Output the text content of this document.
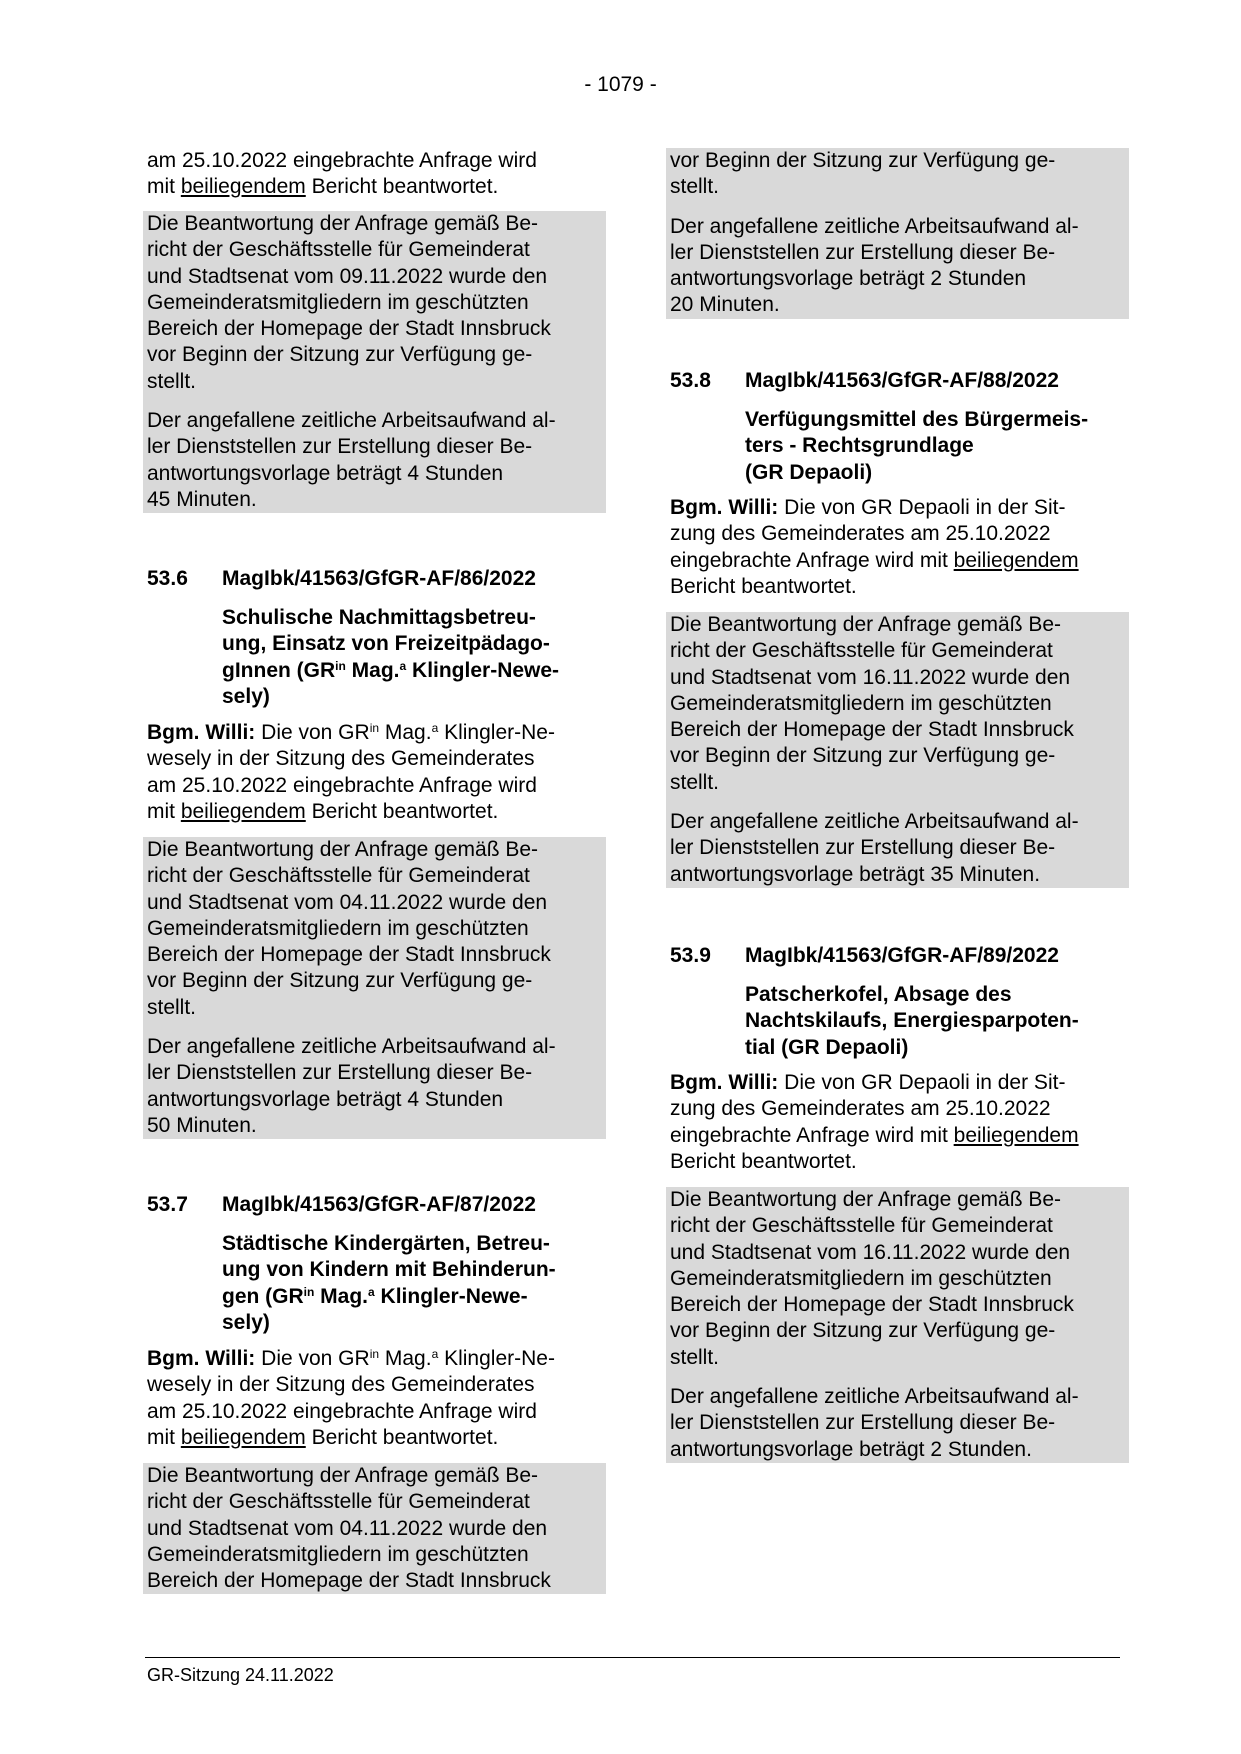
- 1079 -

am 25.10.2022 eingebrachte Anfrage wird

mit beiliegendem Bericht beantwortet.

Die Beantwortung der Anfrage gemäß Be-

richt der Geschäftsstelle für Gemeinderat

und Stadtsenat vom 09.11.2022 wurde den

Gemeinderatsmitgliedern im geschützten

Bereich der Homepage der Stadt Innsbruck

vor Beginn der Sitzung zur Verfügung ge-

stellt.

Der angefallene zeitliche Arbeitsaufwand al-

ler Dienststellen zur Erstellung dieser Be-

antwortungsvorlage beträgt 4 Stunden

45 Minuten.

53.6	MagIbk/41563/GfGR-AF/86/2022

Schulische Nachmittagsbetreu-

ung, Einsatz von Freizeitpädago-

gInnen ($GR^{in}$ Mag.$^a$ Klingler-Newe-

sely)

Bgm. Willi: Die von $GR^{in}$ Mag.$^a$ Klingler-Ne-

wesely in der Sitzung des Gemeinderates

am 25.10.2022 eingebrachte Anfrage wird

mit beiliegendem Bericht beantwortet.

Die Beantwortung der Anfrage gemäß Be-

richt der Geschäftsstelle für Gemeinderat

und Stadtsenat vom 04.11.2022 wurde den

Gemeinderatsmitgliedern im geschützten

Bereich der Homepage der Stadt Innsbruck

vor Beginn der Sitzung zur Verfügung ge-

stellt.

Der angefallene zeitliche Arbeitsaufwand al-

ler Dienststellen zur Erstellung dieser Be-

antwortungsvorlage beträgt 4 Stunden

50 Minuten.

53.7	MagIbk/41563/GfGR-AF/87/2022

Städtische Kindergärten, Betreu-

ung von Kindern mit Behinderun-

gen ($GR^{in}$ Mag.$^a$ Klingler-Newe-

sely)

Bgm. Willi: Die von $GR^{in}$ Mag.$^a$ Klingler-Ne-

wesely in der Sitzung des Gemeinderates

am 25.10.2022 eingebrachte Anfrage wird

mit beiliegendem Bericht beantwortet.

Die Beantwortung der Anfrage gemäß Be-

richt der Geschäftsstelle für Gemeinderat

und Stadtsenat vom 04.11.2022 wurde den

Gemeinderatsmitgliedern im geschützten

Bereich der Homepage der Stadt Innsbruck

vor Beginn der Sitzung zur Verfügung ge-

stellt.

Der angefallene zeitliche Arbeitsaufwand al-

ler Dienststellen zur Erstellung dieser Be-

antwortungsvorlage beträgt 2 Stunden

20 Minuten.

53.8	MagIbk/41563/GfGR-AF/88/2022

Verfügungsmittel des Bürgermeis-

ters - Rechtsgrundlage

(GR Depaoli)

Bgm. Willi: Die von GR Depaoli in der Sit-

zung des Gemeinderates am 25.10.2022

eingebrachte Anfrage wird mit beiliegendem

Bericht beantwortet.

Die Beantwortung der Anfrage gemäß Be-

richt der Geschäftsstelle für Gemeinderat

und Stadtsenat vom 16.11.2022 wurde den

Gemeinderatsmitgliedern im geschützten

Bereich der Homepage der Stadt Innsbruck

vor Beginn der Sitzung zur Verfügung ge-

stellt.

Der angefallene zeitliche Arbeitsaufwand al-

ler Dienststellen zur Erstellung dieser Be-

antwortungsvorlage beträgt 35 Minuten.

53.9	MagIbk/41563/GfGR-AF/89/2022

Patscherkofel, Absage des

Nachtskilaufs, Energiesparpoten-

tial (GR Depaoli)

Bgm. Willi: Die von GR Depaoli in der Sit-

zung des Gemeinderates am 25.10.2022

eingebrachte Anfrage wird mit beiliegendem

Bericht beantwortet.

Die Beantwortung der Anfrage gemäß Be-

richt der Geschäftsstelle für Gemeinderat

und Stadtsenat vom 16.11.2022 wurde den

Gemeinderatsmitgliedern im geschützten

Bereich der Homepage der Stadt Innsbruck

vor Beginn der Sitzung zur Verfügung ge-

stellt.

Der angefallene zeitliche Arbeitsaufwand al-

ler Dienststellen zur Erstellung dieser Be-

antwortungsvorlage beträgt 2 Stunden.

GR-Sitzung 24.11.2022
